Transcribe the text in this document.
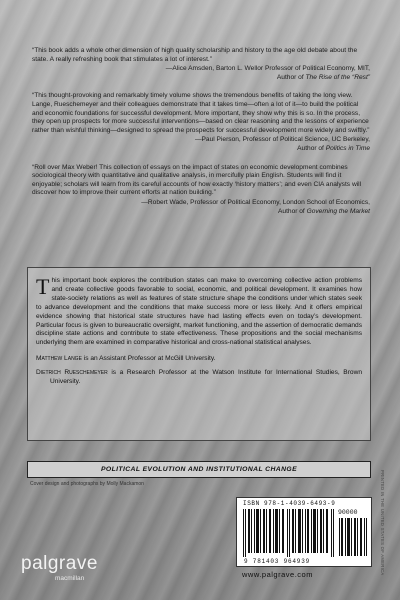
“This book adds a whole other dimension of high quality scholarship and history to the age old debate about the state. A really refreshing book that stimulates a lot of interest.”

—Alice Amsden, Barton L. Wellor Professor of Political Economy, MIT,
Author of The Rise of the “Rest”

“This thought-provoking and remarkably timely volume shows the tremendous benefits of taking the long view. Lange, Rueschemeyer and their colleagues demonstrate that it takes time—often a lot of it—to build the political and economic foundations for successful development. More important, they show why this is so. In the process, they open up prospects for more successful interventions—based on clear reasoning and the lessons of experience rather than wishful thinking—designed to spread the prospects for successful development more widely and swiftly.”

—Paul Pierson, Professor of Political Science, UC Berkeley,
Author of Politics in Time

“Roll over Max Weber! This collection of essays on the impact of states on economic development combines sociological theory with quantitative and qualitative analysis, in mercifully plain English. Students will find it enjoyable; scholars will learn from its careful accounts of how exactly ‘history matters’; and even CIA analysts will discover how to improve their current efforts at nation building.”

—Robert Wade, Professor of Political Economy, London School of Economics,
Author of Governing the Market

This important book explores the contribution states can make to overcoming collective action problems and create collective goods favorable to social, economic, and political development. It examines how state-society relations as well as features of state structure shape the conditions under which states seek to advance development and the conditions that make success more or less likely. And it offers empirical evidence showing that historical state structures have had lasting effects even on today’s development. Particular focus is given to bureaucratic oversight, market functioning, and the assertion of democratic demands discipline state actions and contribute to state effectiveness. These propositions and the social mechanisms underlying them are examined in comparative historical and cross-national statistical analyses.

Matthew Lange is an Assistant Professor at McGill University.

Dietrich Rueschemeyer is a Research Professor at the Watson Institute for International Studies, Brown University.

POLITICAL EVOLUTION AND INSTITUTIONAL CHANGE
Cover design and photographs by Molly Mackamon
ISBN 978-1-4039-6493-9
90000
9 781403 964939	PRINTED IN THE UNITED STATES OF AMERICA
palgrave
macmillan	www.palgrave.com
